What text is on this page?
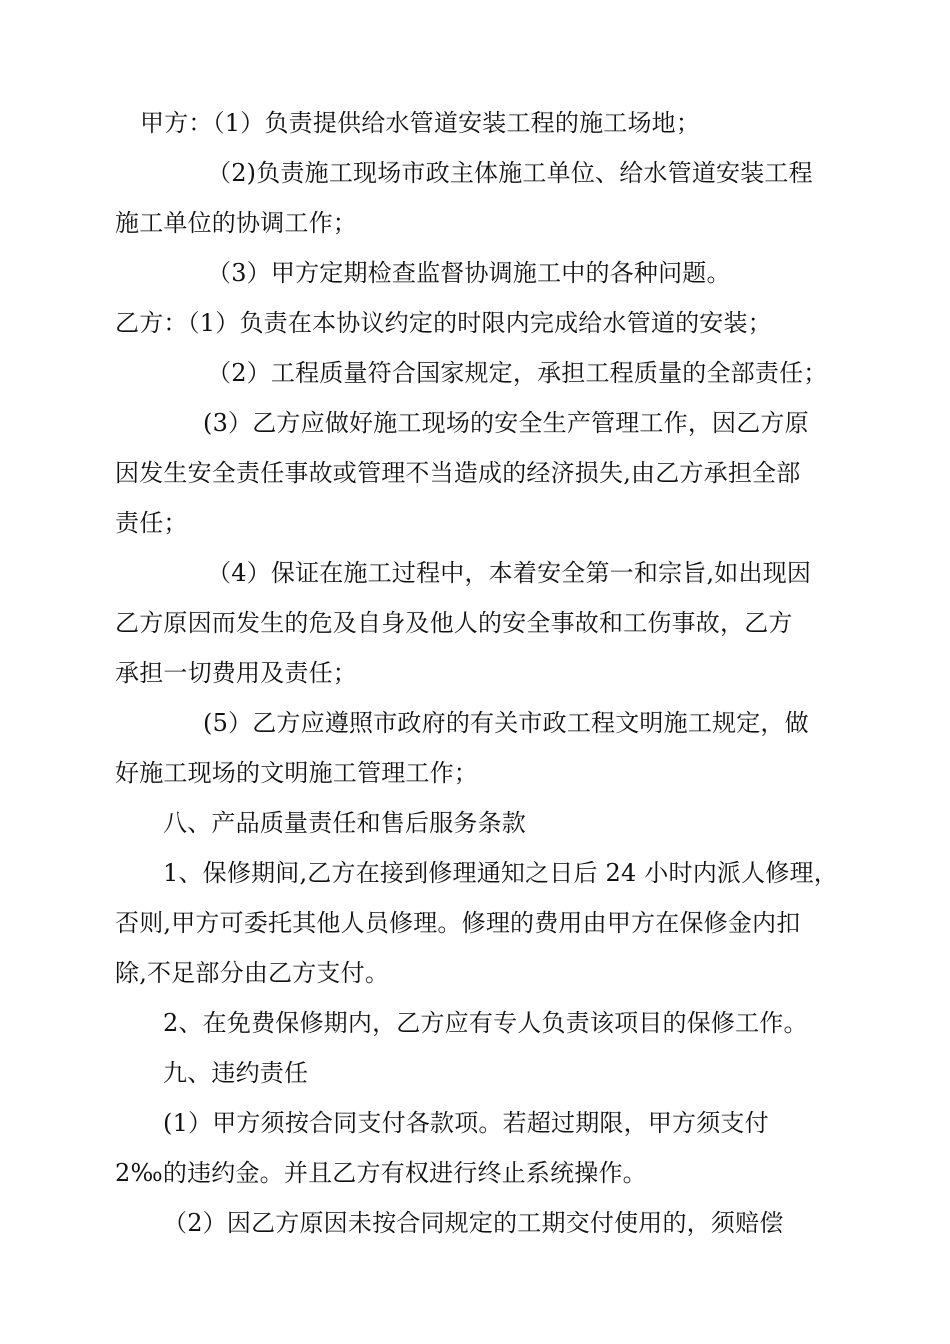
甲方：（1）负责提供给水管道安装工程的施工场地；
（2)负责施工现场市政主体施工单位、给水管道安装工程
施工单位的协调工作；
（3）甲方定期检查监督协调施工中的各种问题。
乙方：（1）负责在本协议约定的时限内完成给水管道的安装；
（2）工程质量符合国家规定，承担工程质量的全部责任；
(3）乙方应做好施工现场的安全生产管理工作，因乙方原
因发生安全责任事故或管理不当造成的经济损失,由乙方承担全部
责任；
（4）保证在施工过程中，本着安全第一和宗旨,如出现因
乙方原因而发生的危及自身及他人的安全事故和工伤事故，乙方
承担一切费用及责任；
(5）乙方应遵照市政府的有关市政工程文明施工规定，做
好施工现场的文明施工管理工作；
八、产品质量责任和售后服务条款
1、保修期间,乙方在接到修理通知之日后 24 小时内派人修理，
否则,甲方可委托其他人员修理。修理的费用由甲方在保修金内扣
除,不足部分由乙方支付。
2、在免费保修期内，乙方应有专人负责该项目的保修工作。
九、违约责任
(1）甲方须按合同支付各款项。若超过期限，甲方须支付
2‰的违约金。并且乙方有权进行终止系统操作。
（2）因乙方原因未按合同规定的工期交付使用的，须赔偿
